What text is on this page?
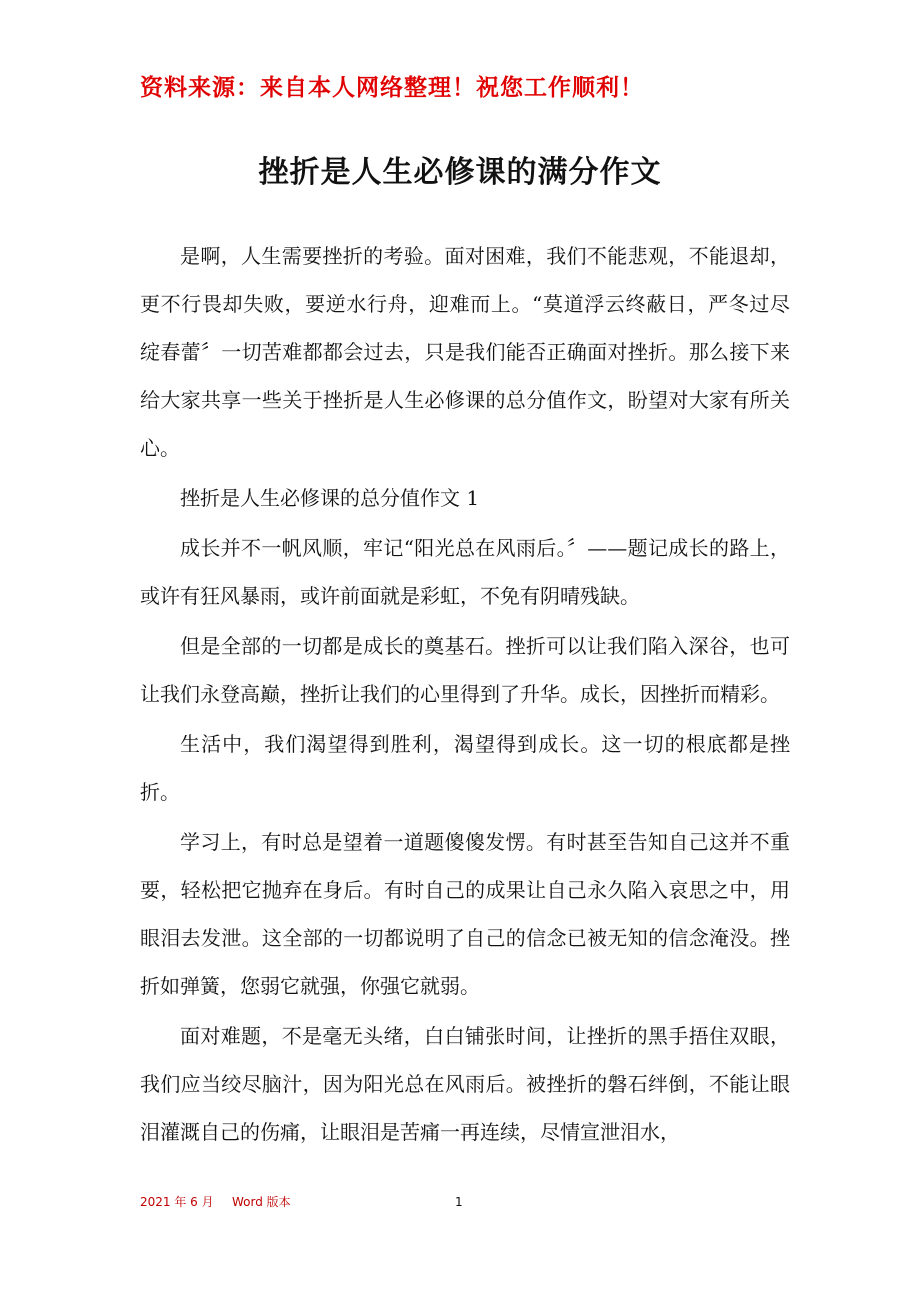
资料来源：来自本人网络整理！祝您工作顺利！
挫折是人生必修课的满分作文

是啊，人生需要挫折的考验。面对困难，我们不能悲观，不能退却，更不行畏却失败，要逆水行舟，迎难而上。“莫道浮云终蔽日，严冬过尽绽春蕾〞一切苦难都都会过去，只是我们能否正确面对挫折。那么接下来给大家共享一些关于挫折是人生必修课的总分值作文，盼望对大家有所关心。

挫折是人生必修课的总分值作文 1

成长并不一帆风顺，牢记“阳光总在风雨后。〞——题记成长的路上，或许有狂风暴雨，或许前面就是彩虹，不免有阴晴残缺。

但是全部的一切都是成长的奠基石。挫折可以让我们陷入深谷，也可让我们永登高巅，挫折让我们的心里得到了升华。成长，因挫折而精彩。

生活中，我们渴望得到胜利，渴望得到成长。这一切的根底都是挫折。

学习上，有时总是望着一道题傻傻发愣。有时甚至告知自己这并不重要，轻松把它抛弃在身后。有时自己的成果让自己永久陷入哀思之中，用眼泪去发泄。这全部的一切都说明了自己的信念已被无知的信念淹没。挫折如弹簧，您弱它就强，你强它就弱。

面对难题，不是毫无头绪，白白铺张时间，让挫折的黑手捂住双眼，我们应当绞尽脑汁，因为阳光总在风雨后。被挫折的磐石绊倒，不能让眼泪灌溉自己的伤痛，让眼泪是苦痛一再连续，尽情宣泄泪水，

2021 年 6 月 Word 版本	1
